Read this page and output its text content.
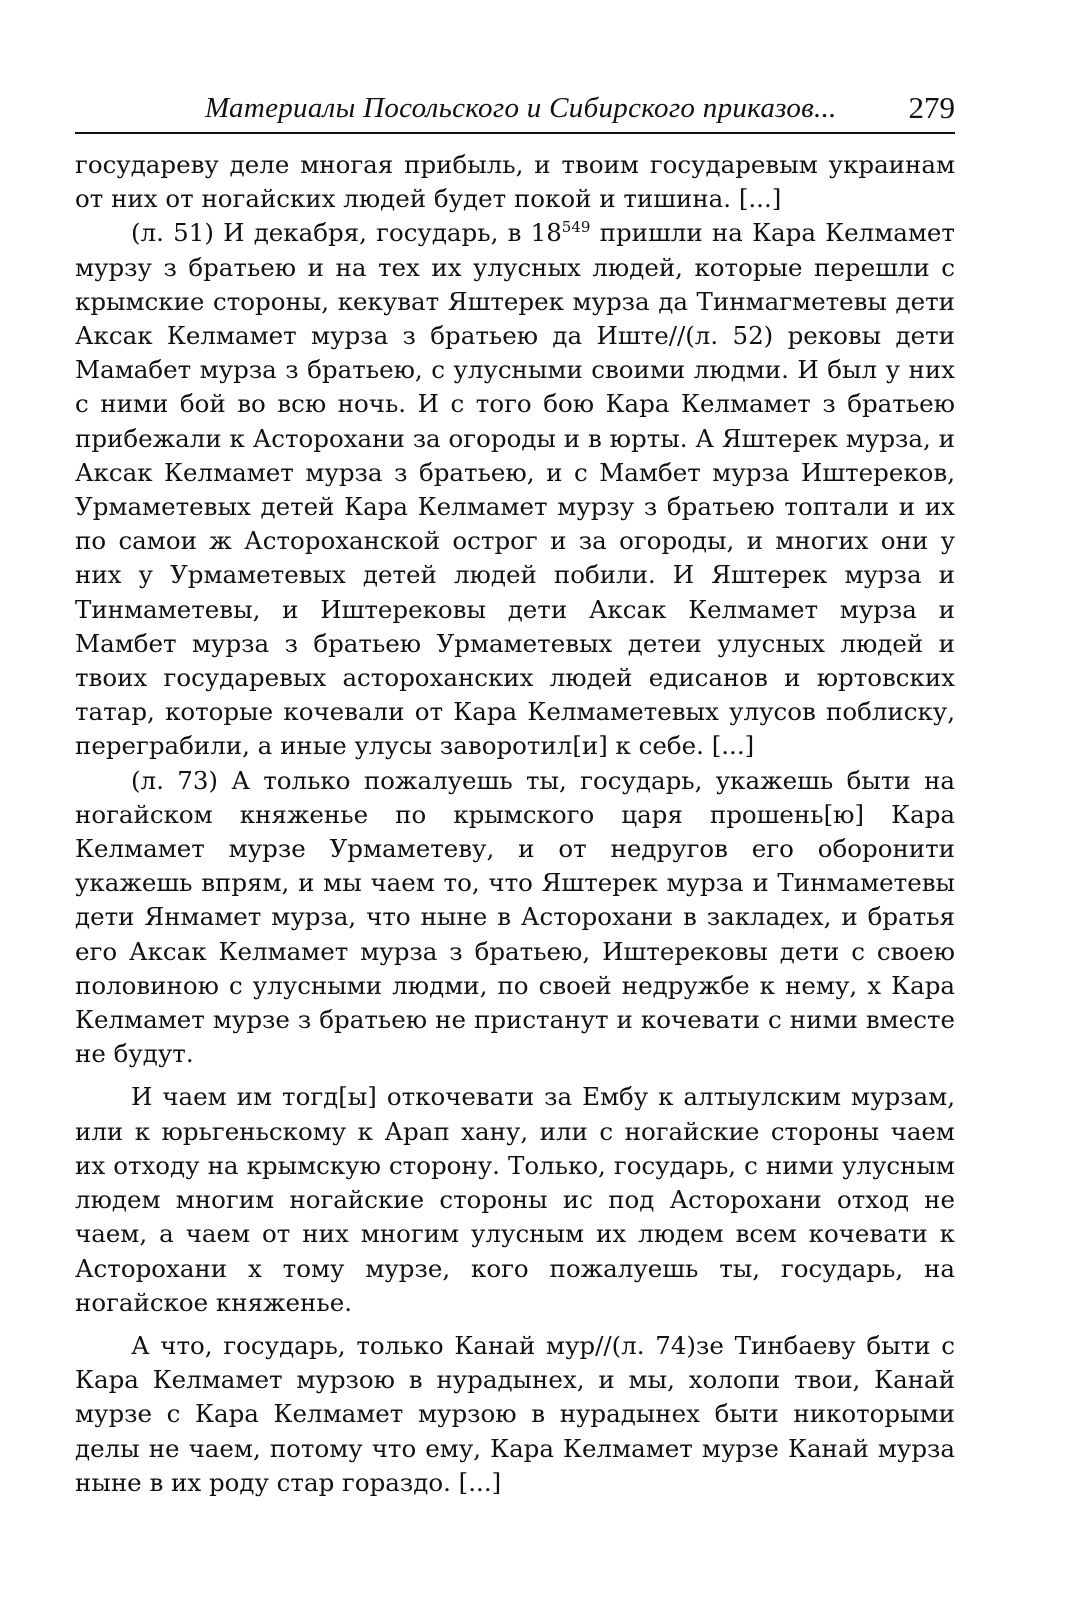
Материалы Посольского и Сибирского приказов... 279

государеву деле многая прибыль, и твоим государевым украинам от них от ногайских людей будет покой и тишина. [...]

(л. 51) И декабря, государь, в $18^{549}$ пришли на Кара Келмамет мурзу з братьею и на тех их улусных людей, которые перешли с крымские стороны, кекуват Яштерек мурза да Тинмагметевы дети Аксак Келмамет мурза з братьею да Иште//(л. 52) рековы дети Мамабет мурза з братьею, с улусными своими людми. И был у них с ними бой во всю ночь. И с того бою Кара Келмамет з братьею прибежали к Асторохани за огороды и в юрты. А Яштерек мурза, и Аксак Келмамет мурза з братьею, и с Мамбет мурза Иштереков, Урмаметевых детей Кара Келмамет мурзу з братьею топтали и их по самои ж Астороханской острог и за огороды, и многих они у них у Урмаметевых детей людей побили. И Яштерек мурза и Тинмаметевы, и Иштерековы дети Аксак Келмамет мурза и Мамбет мурза з братьею Урмаметевых детеи улусных людей и твоих государевых астороханских людей едисанов и юртовских татар, которые кочевали от Кара Келмаметевых улусов поблиску, перeграбили, а иные улусы заворотил[и] к себе. [...]

(л. 73) А только пожалуешь ты, государь, укажешь быти на ногайском княженье по крымского царя прошень[ю] Кара Келмамет мурзе Урмаметеву, и от недругов его оборонити укажешь впрям, и мы чаем то, что Яштерек мурза и Тинмаметевы дети Янмамет мурза, что ныне в Асторохани в закладех, и братья его Аксак Келмамет мурза з братьею, Иштерековы дети с своею половиною с улусными людми, по своей недружбе к нему, х Кара Келмамет мурзе з братьею не пристанут и кочевати с ними вместе не будут.

И чаем им тогд[ы] откочевати за Ембу к алтыулским мурзам, или к юрьгеньскому к Арап хану, или с ногайские стороны чаем их отходу на крымскую сторону. Только, государь, с ними улусным людем многим ногайские стороны ис под Асторохани отход не чаем, а чаем от них многим улусным их людем всем кочевати к Асторохани х тому мурзе, кого пожалуешь ты, государь, на ногайское княженье.

А что, государь, только Канай мур//(л. 74)зе Тинбаеву быти с Кара Келмамет мурзою в нурадынех, и мы, холопи твои, Канай мурзе с Кара Келмамет мурзою в нурадынех быти никоторыми делы не чаем, потому что ему, Кара Келмамет мурзе Канай мурза ныне в их роду стар гораздо. [...]
